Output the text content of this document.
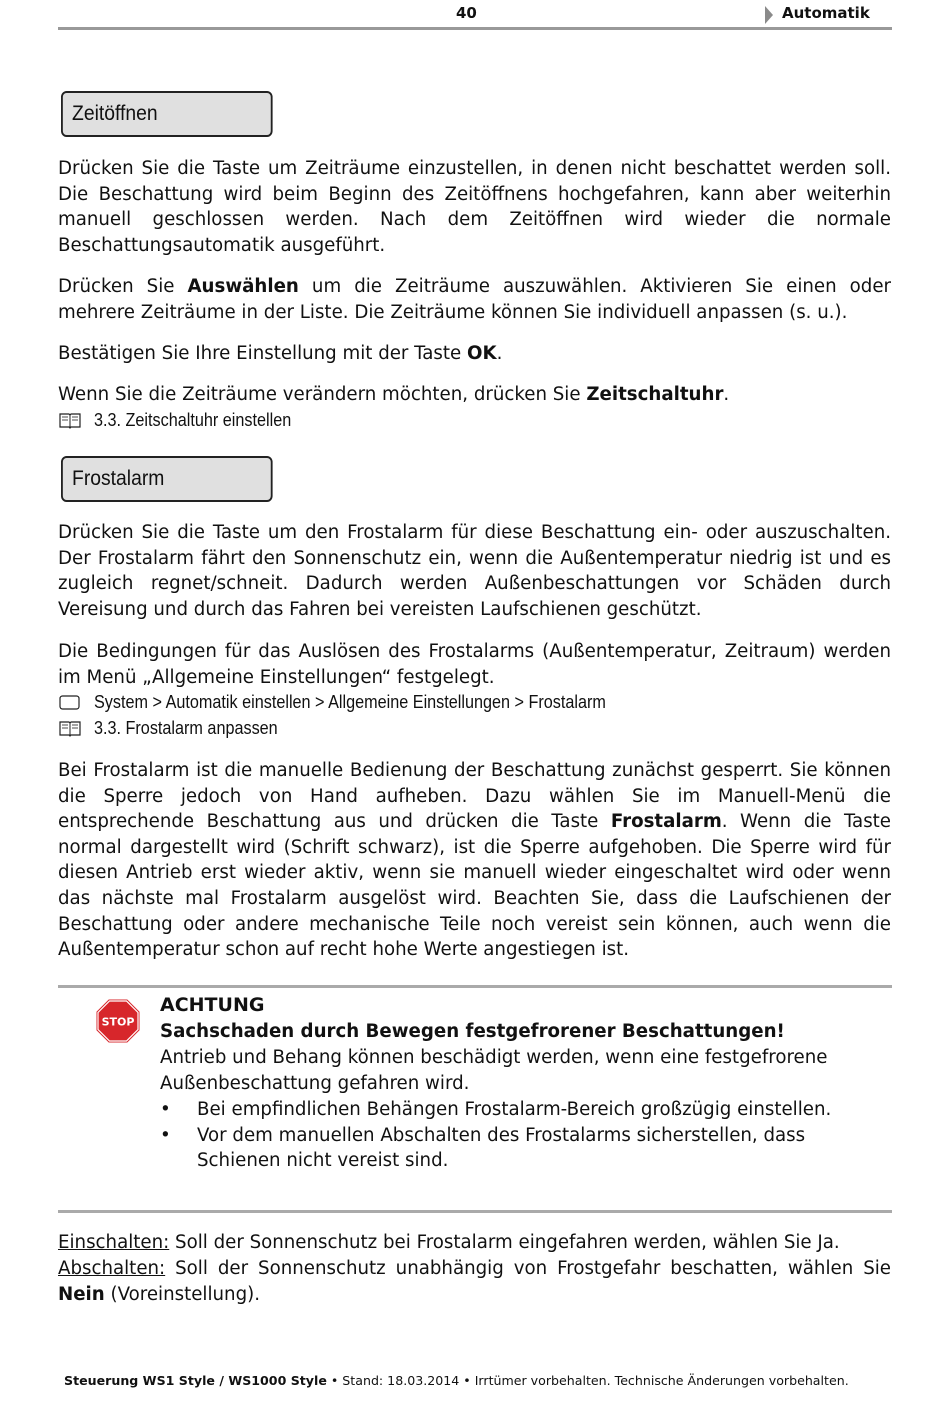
40	Automatik
Zeitöffnen

Drücken Sie die Taste um Zeiträume einzustellen, in denen nicht beschattet werden soll. Die Beschattung wird beim Beginn des Zeitöffnens hochgefahren, kann aber weiterhin manuell geschlossen werden. Nach dem Zeitöffnen wird wieder die normale Beschattungsautomatik ausgeführt.

Drücken Sie Auswählen um die Zeiträume auszuwählen. Aktivieren Sie einen oder mehrere Zeiträume in der Liste. Die Zeiträume können Sie individuell anpassen (s. u.).

Bestätigen Sie Ihre Einstellung mit der Taste OK.

Wenn Sie die Zeiträume verändern möchten, drücken Sie Zeitschaltuhr.

3.3. Zeitschaltuhr einstellen
Frostalarm

Drücken Sie die Taste um den Frostalarm für diese Beschattung ein- oder auszuschalten. Der Frostalarm fährt den Sonnenschutz ein, wenn die Außentemperatur niedrig ist und es zugleich regnet/schneit. Dadurch werden Außenbeschattungen vor Schäden durch Vereisung und durch das Fahren bei vereisten Laufschienen geschützt.

Die Bedingungen für das Auslösen des Frostalarms (Außentemperatur, Zeitraum) werden im Menü „Allgemeine Einstellungen“ festgelegt.

System > Automatik einstellen > Allgemeine Einstellungen > Frostalarm
3.3. Frostalarm anpassen

Bei Frostalarm ist die manuelle Bedienung der Beschattung zunächst gesperrt. Sie können die Sperre jedoch von Hand aufheben. Dazu wählen Sie im Manuell-Menü die entsprechende Beschattung aus und drücken die Taste Frostalarm. Wenn die Taste normal dargestellt wird (Schrift schwarz), ist die Sperre aufgehoben. Die Sperre wird für diesen Antrieb erst wieder aktiv, wenn sie manuell wieder eingeschaltet wird oder wenn das nächste mal Frostalarm ausgelöst wird. Beachten Sie, dass die Laufschienen der Beschattung oder andere mechanische Teile noch vereist sein können, auch wenn die Außentemperatur schon auf recht hohe Werte angestiegen ist.

STOP

ACHTUNG

Sachschaden durch Bewegen festgefrorener Beschattungen!

Antrieb und Behang können beschädigt werden, wenn eine festgefrorene Außenbeschattung gefahren wird.

• Bei empfindlichen Behängen Frostalarm-Bereich großzügig einstellen.
• Vor dem manuellen Abschalten des Frostalarms sicherstellen, dass Schienen nicht vereist sind.

Einschalten: Soll der Sonnenschutz bei Frostalarm eingefahren werden, wählen Sie Ja.

Abschalten: Soll der Sonnenschutz unabhängig von Frostgefahr beschatten, wählen Sie Nein (Voreinstellung).

Steuerung WS1 Style / WS1000 Style • Stand: 18.03.2014 • Irrtümer vorbehalten. Technische Änderungen vorbehalten.
